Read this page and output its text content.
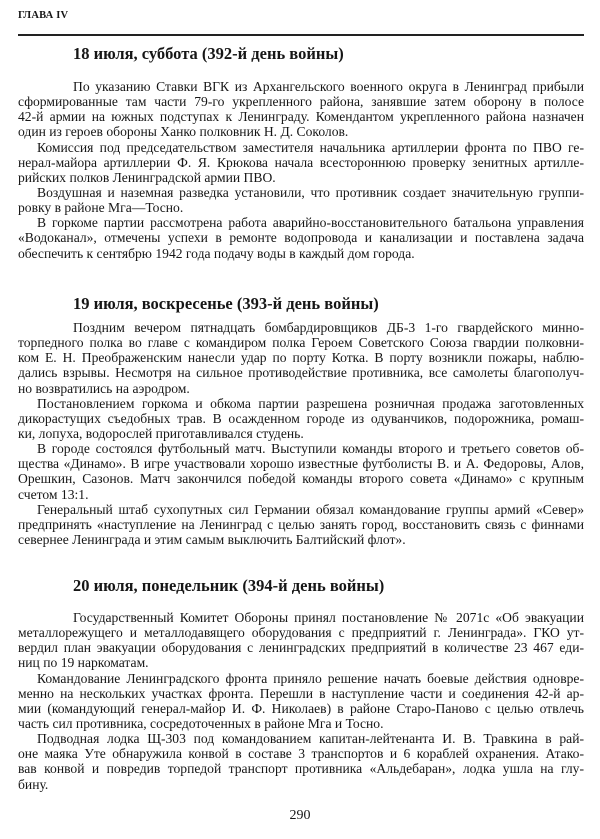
ГЛАВА IV
18 июля, суббота (392-й день войны)
По указанию Ставки ВГК из Архангельского военного округа в Ленинград прибыли
сформированные там части 79-го укрепленного района, занявшие затем оборону в полосе
42-й армии на южных подступах к Ленинграду. Комендантом укрепленного района назначен
один из героев обороны Ханко полковник Н. Д. Соколов.
Комиссия под председательством заместителя начальника артиллерии фронта по ПВО ге-
нерал-майора артиллерии Ф. Я. Крюкова начала всестороннюю проверку зенитных артилле-
рийских полков Ленинградской армии ПВО.
Воздушная и наземная разведка установили, что противник создает значительную группи-
ровку в районе Мга—Тосно.
В горкоме партии рассмотрена работа аварийно-восстановительного батальона управления
«Водоканал», отмечены успехи в ремонте водопровода и канализации и поставлена задача
обеспечить к сентябрю 1942 года подачу воды в каждый дом города.
19 июля, воскресенье (393-й день войны)
Поздним вечером пятнадцать бомбардировщиков ДБ-3 1-го гвардейского минно-
торпедного полка во главе с командиром полка Героем Советского Союза гвардии полковни-
ком Е. Н. Преображенским нанесли удар по порту Котка. В порту возникли пожары, наблю-
дались взрывы. Несмотря на сильное противодействие противника, все самолеты благополуч-
но возвратились на аэродром.
Постановлением горкома и обкома партии разрешена розничная продажа заготовленных
дикорастущих съедобных трав. В осажденном городе из одуванчиков, подорожника, ромаш-
ки, лопуха, водорослей приготавливался студень.
В городе состоялся футбольный матч. Выступили команды второго и третьего советов об-
щества «Динамо». В игре участвовали хорошо известные футболисты В. и А. Федоровы, Алов,
Орешкин, Сазонов. Матч закончился победой команды второго совета «Динамо» с крупным
счетом 13:1.
Генеральный штаб сухопутных сил Германии обязал командование группы армий «Север»
предпринять «наступление на Ленинград с целью занять город, восстановить связь с финнами
севернее Ленинграда и этим самым выключить Балтийский флот».
20 июля, понедельник (394-й день войны)
Государственный Комитет Обороны принял постановление № 2071с «Об эвакуации
металлорежущего и металлодавящего оборудования с предприятий г. Ленинграда». ГКО ут-
вердил план эвакуации оборудования с ленинградских предприятий в количестве 23 467 еди-
ниц по 19 наркоматам.
Командование Ленинградского фронта приняло решение начать боевые действия одновре-
менно на нескольких участках фронта. Перешли в наступление части и соединения 42-й ар-
мии (командующий генерал-майор И. Ф. Николаев) в районе Старо-Паново с целью отвлечь
часть сил противника, сосредоточенных в районе Мга и Тосно.
Подводная лодка Щ-303 под командованием капитан-лейтенанта И. В. Травкина в рай-
оне маяка Уте обнаружила конвой в составе 3 транспортов и 6 кораблей охранения. Атако-
вав конвой и повредив торпедой транспорт противника «Альдебаран», лодка ушла на глу-
бину.
290
